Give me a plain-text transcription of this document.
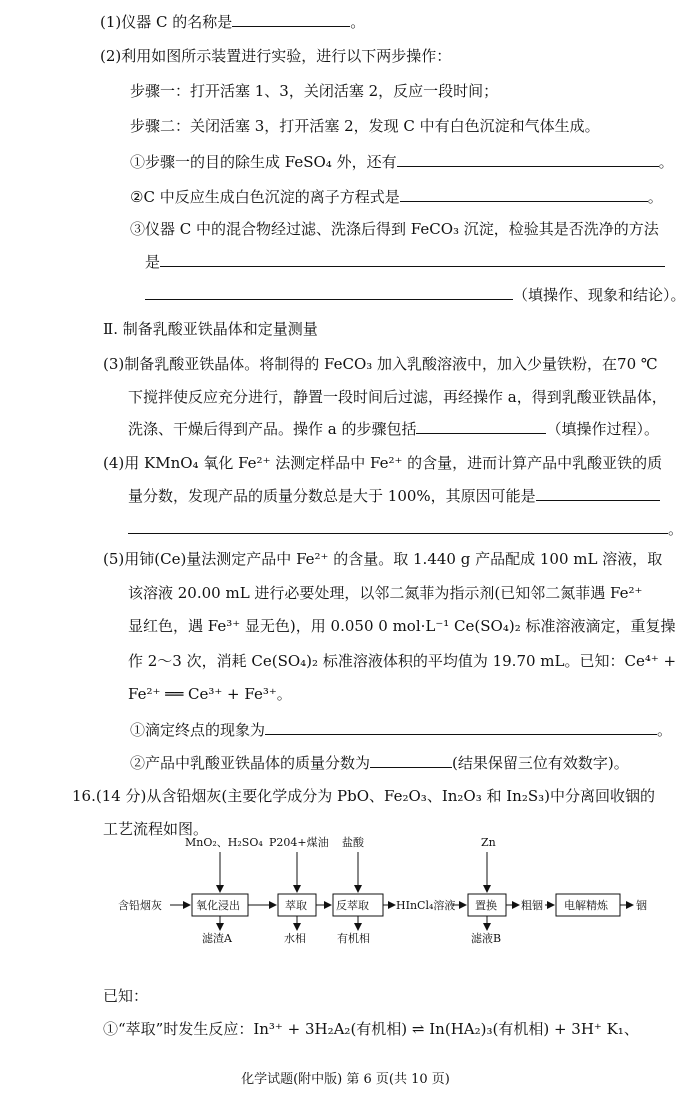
(1)仪器 C 的名称是	。
(2)利用如图所示装置进行实验，进行以下两步操作：
步骤一：打开活塞 1、3，关闭活塞 2，反应一段时间；
步骤二：关闭活塞 3，打开活塞 2，发现 C 中有白色沉淀和气体生成。
①步骤一的目的除生成 FeSO₄ 外，还有	。
②C 中反应生成白色沉淀的离子方程式是	。
③仪器 C 中的混合物经过滤、洗涤后得到 FeCO₃ 沉淀，检验其是否洗净的方法
是
（填操作、现象和结论）。
Ⅱ. 制备乳酸亚铁晶体和定量测量
(3)制备乳酸亚铁晶体。将制得的 FeCO₃ 加入乳酸溶液中，加入少量铁粉，在70 ℃
下搅拌使反应充分进行，静置一段时间后过滤，再经操作 a，得到乳酸亚铁晶体，
洗涤、干燥后得到产品。操作 a 的步骤包括	（填操作过程）。
(4)用 KMnO₄ 氧化 Fe²⁺ 法测定样品中 Fe²⁺ 的含量，进而计算产品中乳酸亚铁的质
量分数，发现产品的质量分数总是大于 100%，其原因可能是
。
(5)用铈(Ce)量法测定产品中 Fe²⁺ 的含量。取 1.440 g 产品配成 100 mL 溶液，取
该溶液 20.00 mL 进行必要处理，以邻二氮菲为指示剂(已知邻二氮菲遇 Fe²⁺
显红色，遇 Fe³⁺ 显无色)，用 0.050 0 mol·L⁻¹ Ce(SO₄)₂ 标准溶液滴定，重复操
作 2～3 次，消耗 Ce(SO₄)₂ 标准溶液体积的平均值为 19.70 mL。已知：Ce⁴⁺ +
Fe²⁺ ══ Ce³⁺ + Fe³⁺。
①滴定终点的现象为	。
②产品中乳酸亚铁晶体的质量分数为	(结果保留三位有效数字)。
16.(14 分)从含铅烟灰(主要化学成分为 PbO、Fe₂O₃、In₂O₃ 和 In₂S₃)中分离回收铟的
工艺流程如图。
含铅烟灰	氧化浸出	萃取	反萃取 HInCl₄溶液 置换 粗铟 电解精炼	铟
MnO₂、H₂SO₄ P204+煤油 盐酸	Zn
滤渣A	水相	有机相	滤液B
已知：
①“萃取”时发生反应：In³⁺ + 3H₂A₂(有机相) ⇌ In(HA₂)₃(有机相) + 3H⁺ K₁、
化学试题(附中版) 第 6 页(共 10 页)
